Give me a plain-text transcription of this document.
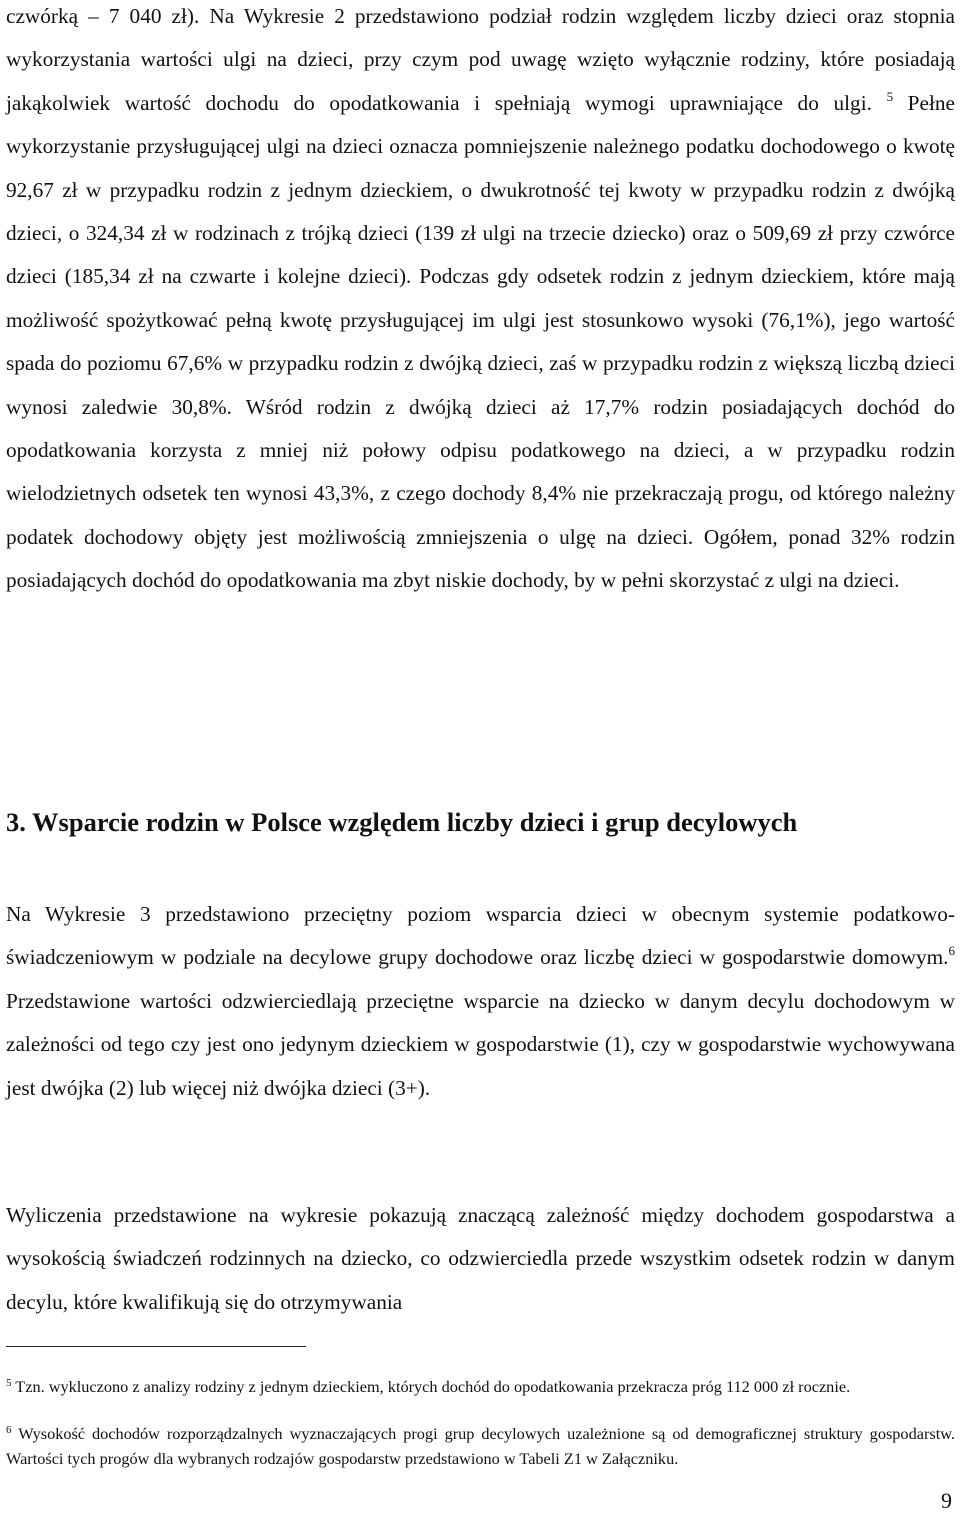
czwórką – 7 040 zł). Na Wykresie 2 przedstawiono podział rodzin względem liczby dzieci oraz stopnia wykorzystania wartości ulgi na dzieci, przy czym pod uwagę wzięto wyłącznie rodziny, które posiadają jakąkolwiek wartość dochodu do opodatkowania i spełniają wymogi uprawniające do ulgi. $^5$ Pełne wykorzystanie przysługującej ulgi na dzieci oznacza pomniejszenie należnego podatku dochodowego o kwotę 92,67 zł w przypadku rodzin z jednym dzieckiem, o dwukrotność tej kwoty w przypadku rodzin z dwójką dzieci, o 324,34 zł w rodzinach z trójką dzieci (139 zł ulgi na trzecie dziecko) oraz o 509,69 zł przy czwórce dzieci (185,34 zł na czwarte i kolejne dzieci). Podczas gdy odsetek rodzin z jednym dzieckiem, które mają możliwość spożytkować pełną kwotę przysługującej im ulgi jest stosunkowo wysoki (76,1%), jego wartość spada do poziomu 67,6% w przypadku rodzin z dwójką dzieci, zaś w przypadku rodzin z większą liczbą dzieci wynosi zaledwie 30,8%. Wśród rodzin z dwójką dzieci aż 17,7% rodzin posiadających dochód do opodatkowania korzysta z mniej niż połowy odpisu podatkowego na dzieci, a w przypadku rodzin wielodzietnych odsetek ten wynosi 43,3%, z czego dochody 8,4% nie przekraczają progu, od którego należny podatek dochodowy objęty jest możliwością zmniejszenia o ulgę na dzieci. Ogółem, ponad 32% rodzin posiadających dochód do opodatkowania ma zbyt niskie dochody, by w pełni skorzystać z ulgi na dzieci.

3. Wsparcie rodzin w Polsce względem liczby dzieci i grup decylowych

Na Wykresie 3 przedstawiono przeciętny poziom wsparcia dzieci w obecnym systemie podatkowo-świadczeniowym w podziale na decylowe grupy dochodowe oraz liczbę dzieci w gospodarstwie domowym.$^6$ Przedstawione wartości odzwierciedlają przeciętne wsparcie na dziecko w danym decylu dochodowym w zależności od tego czy jest ono jedynym dzieckiem w gospodarstwie (1), czy w gospodarstwie wychowywana jest dwójka (2) lub więcej niż dwójka dzieci (3+).

Wyliczenia przedstawione na wykresie pokazują znaczącą zależność między dochodem gospodarstwa a wysokością świadczeń rodzinnych na dziecko, co odzwierciedla przede wszystkim odsetek rodzin w danym decylu, które kwalifikują się do otrzymywania

$^5$ Tzn. wykluczono z analizy rodziny z jednym dzieckiem, których dochód do opodatkowania przekracza próg 112 000 zł rocznie.

$^6$ Wysokość dochodów rozporządzalnych wyznaczających progi grup decylowych uzależnione są od demograficznej struktury gospodarstw. Wartości tych progów dla wybranych rodzajów gospodarstw przedstawiono w Tabeli Z1 w Załączniku.

9
